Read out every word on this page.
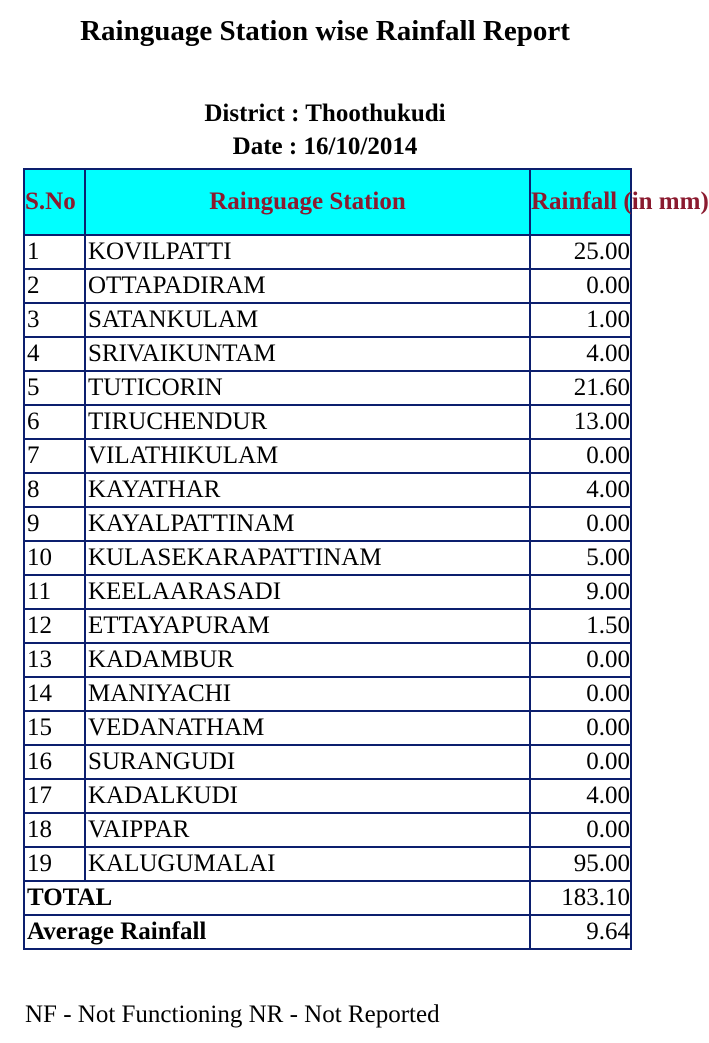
Rainguage Station wise Rainfall Report
District : Thoothukudi
Date : 16/10/2014
S.No	Rainguage Station	Rainfall (in mm)
1	KOVILPATTI	25.00
2	OTTAPADIRAM	0.00
3	SATANKULAM	1.00
4	SRIVAIKUNTAM	4.00
5	TUTICORIN	21.60
6	TIRUCHENDUR	13.00
7	VILATHIKULAM	0.00
8	KAYATHAR	4.00
9	KAYALPATTINAM	0.00
10	KULASEKARAPATTINAM	5.00
11	KEELAARASADI	9.00
12	ETTAYAPURAM	1.50
13	KADAMBUR	0.00
14	MANIYACHI	0.00
15	VEDANATHAM	0.00
16	SURANGUDI	0.00
17	KADALKUDI	4.00
18	VAIPPAR	0.00
19	KALUGUMALAI	95.00
TOTAL		183.10
Average Rainfall		9.64
NF - Not Functioning NR - Not Reported
